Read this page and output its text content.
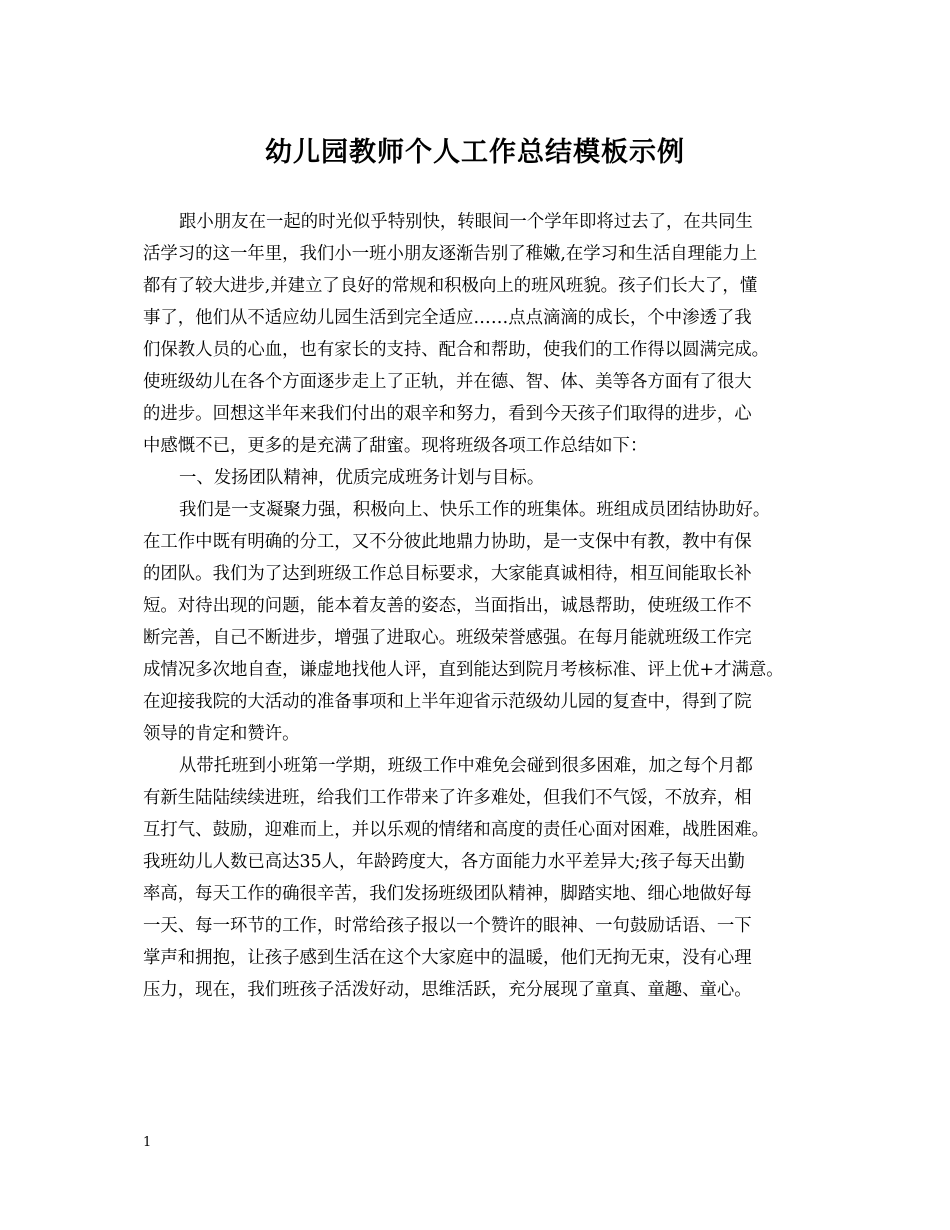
幼儿园教师个人工作总结模板示例
跟小朋友在一起的时光似乎特别快，转眼间一个学年即将过去了，在共同生
活学习的这一年里，我们小一班小朋友逐渐告别了稚嫩,在学习和生活自理能力上
都有了较大进步,并建立了良好的常规和积极向上的班风班貌。孩子们长大了，懂
事了，他们从不适应幼儿园生活到完全适应……点点滴滴的成长，个中渗透了我
们保教人员的心血，也有家长的支持、配合和帮助，使我们的工作得以圆满完成。
使班级幼儿在各个方面逐步走上了正轨，并在德、智、体、美等各方面有了很大
的进步。回想这半年来我们付出的艰辛和努力，看到今天孩子们取得的进步，心
中感慨不已，更多的是充满了甜蜜。现将班级各项工作总结如下：
一、发扬团队精神，优质完成班务计划与目标。
我们是一支凝聚力强，积极向上、快乐工作的班集体。班组成员团结协助好。
在工作中既有明确的分工，又不分彼此地鼎力协助，是一支保中有教，教中有保
的团队。我们为了达到班级工作总目标要求，大家能真诚相待，相互间能取长补
短。对待出现的问题，能本着友善的姿态，当面指出，诚恳帮助，使班级工作不
断完善，自己不断进步，增强了进取心。班级荣誉感强。在每月能就班级工作完
成情况多次地自查，谦虚地找他人评，直到能达到院月考核标准、评上优+才满意。
在迎接我院的大活动的准备事项和上半年迎省示范级幼儿园的复查中，得到了院
领导的肯定和赞许。
从带托班到小班第一学期，班级工作中难免会碰到很多困难，加之每个月都
有新生陆陆续续进班，给我们工作带来了许多难处，但我们不气馁，不放弃，相
互打气、鼓励，迎难而上，并以乐观的情绪和高度的责任心面对困难，战胜困难。
我班幼儿人数已高达35人，年龄跨度大，各方面能力水平差异大;孩子每天出勤
率高，每天工作的确很辛苦，我们发扬班级团队精神，脚踏实地、细心地做好每
一天、每一环节的工作，时常给孩子报以一个赞许的眼神、一句鼓励话语、一下
掌声和拥抱，让孩子感到生活在这个大家庭中的温暖，他们无拘无束，没有心理
压力，现在，我们班孩子活泼好动，思维活跃，充分展现了童真、童趣、童心。
1
